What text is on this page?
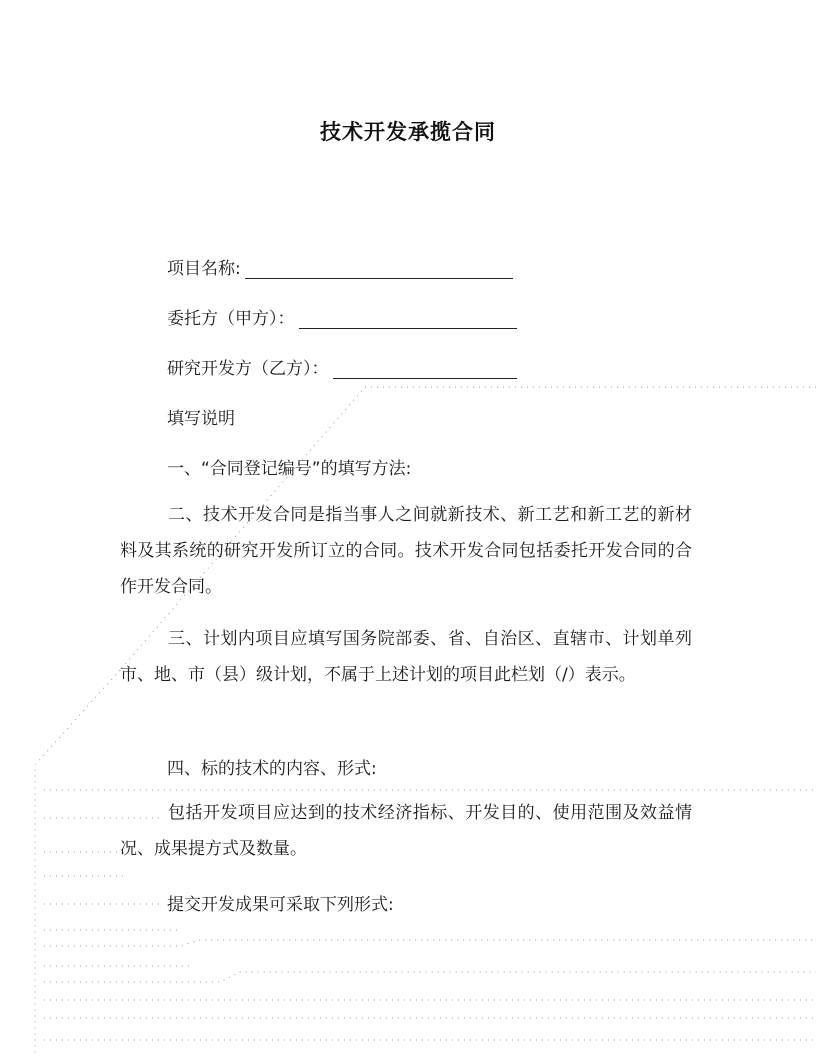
技术开发承揽合同
项目名称:
委托方（甲方）：
研究开发方（乙方）：
填写说明
一、“合同登记编号”的填写方法:
二、技术开发合同是指当事人之间就新技术、新工艺和新工艺的新材料及其系统的研究开发所订立的合同。技术开发合同包括委托开发合同的合作开发合同。
三、计划内项目应填写国务院部委、省、自治区、直辖市、计划单列市、地、市（县）级计划，不属于上述计划的项目此栏划（/）表示。
四、标的技术的内容、形式:
包括开发项目应达到的技术经济指标、开发目的、使用范围及效益情况、成果提方式及数量。
提交开发成果可采取下列形式:
